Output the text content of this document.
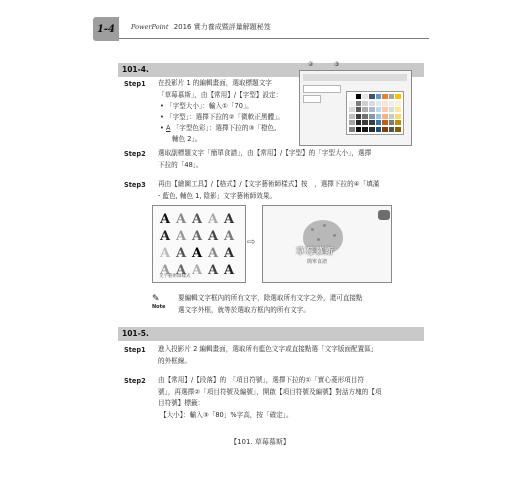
1-4 PowerPoint 2016 實力養成暨評量解題秘笈
101-4.
Step1 在投影片 1 的編輯畫面，選取標題文字
「草莓慕斯」，由【常用】/【字型】設定：
• 「字型大小」：輸入①「70」。
• 「字型」：選擇下拉的②「微軟正黑體」。
• A 「字型色彩」：選擇下拉的③「橙色,
輔色 2」。
②	③
Step2 選取副標題文字「簡單食譜」，由【常用】/【字型】的「字型大小」，選擇
下拉的「48」。
Step3 再由【繪圖工具】/【格式】/【文字藝術師樣式】按　，選擇下拉的④「填滿
- 藍色, 輔色 1, 陰影」文字藝術師效果。
A A A A A
A A A A A
A A A A A
A A A A A
文字藝術師樣式
⇨
草莓慕斯
簡單食譜
✎
Note
要編輯文字框內的所有文字，除選取所有文字之外，還可直接點
選文字外框，就等於選取方框內的所有文字。
101-5.
Step1 進入投影片 2 編輯畫面，選取所有藍色文字或直接點選「文字版面配置區」
的外框線。
Step2 由【常用】/【段落】的　「項目符號」，選擇下拉的①「實心菱形項目符
號」，再選擇②「項目符號及編號」，開啟【項目符號及編號】對話方塊的【項
目符號】標籤：
【大小】：輸入③「80」%字高，按「確定」。
【101. 草莓慕斯】
